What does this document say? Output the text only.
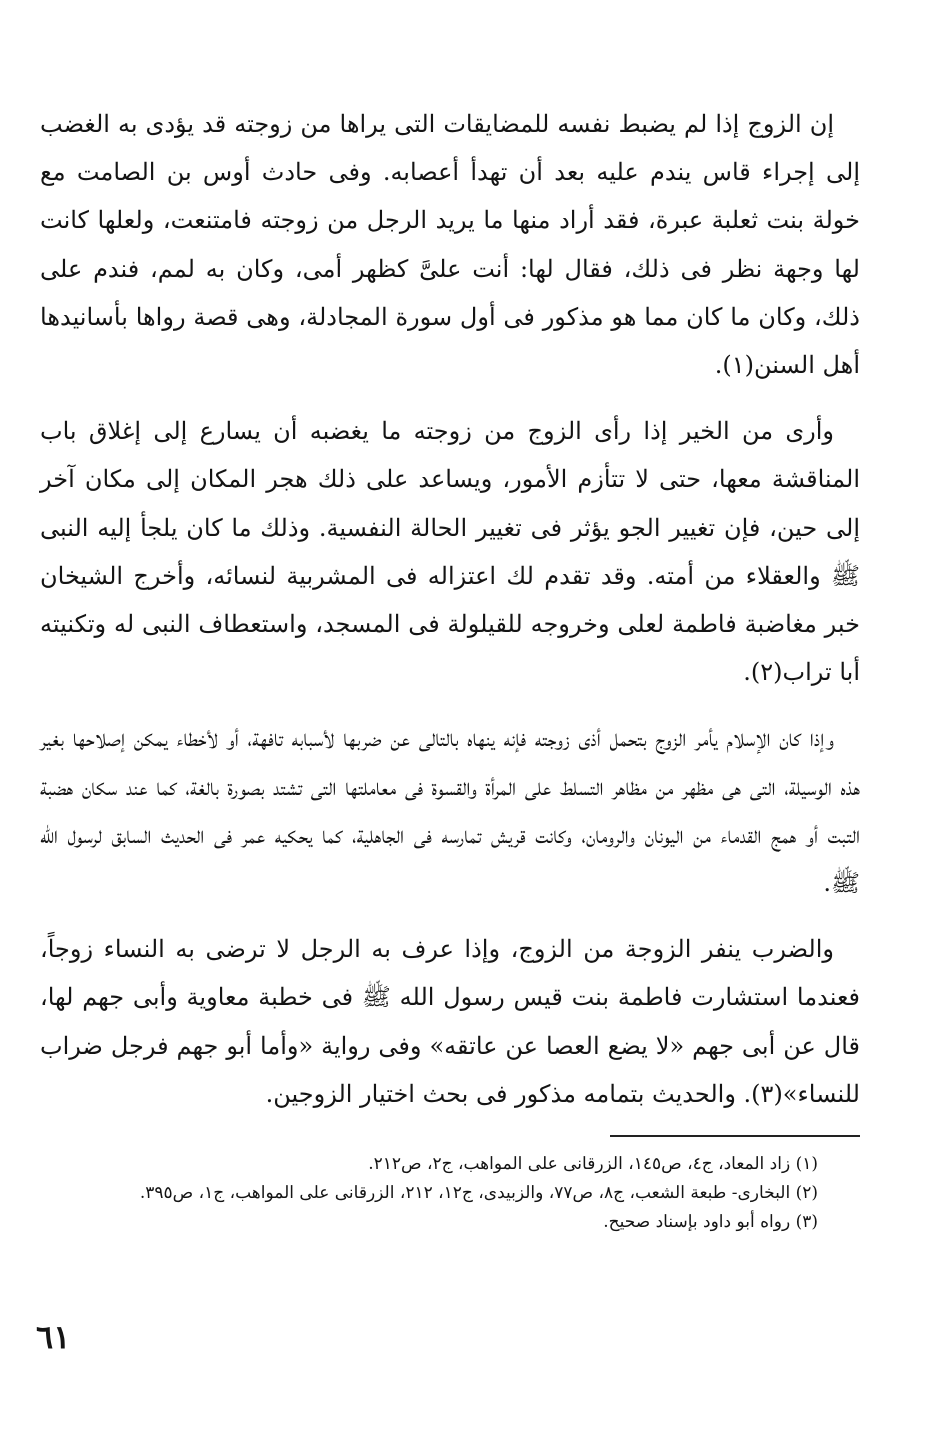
إن الزوج إذا لم يضبط نفسه للمضايقات التى يراها من زوجته قد يؤدى به الغضب إلى إجراء قاس يندم عليه بعد أن تهدأ أعصابه. وفى حادث أوس بن الصامت مع خولة بنت ثعلبة عبرة، فقد أراد منها ما يريد الرجل من زوجته فامتنعت، ولعلها كانت لها وجهة نظر فى ذلك، فقال لها: أنت علىَّ كظهر أمى، وكان به لمم، فندم على ذلك، وكان ما كان مما هو مذكور فى أول سورة المجادلة، وهى قصة رواها بأسانيدها أهل السنن(١).

وأرى من الخير إذا رأى الزوج من زوجته ما يغضبه أن يسارع إلى إغلاق باب المناقشة معها، حتى لا تتأزم الأمور، ويساعد على ذلك هجر المكان إلى مكان آخر إلى حين، فإن تغيير الجو يؤثر فى تغيير الحالة النفسية. وذلك ما كان يلجأ إليه النبى ﷺ والعقلاء من أمته. وقد تقدم لك اعتزاله فى المشربية لنسائه، وأخرج الشيخان خبر مغاضبة فاطمة لعلى وخروجه للقيلولة فى المسجد، واستعطاف النبى له وتكنيته أبا تراب(٢).

وإذا كان الإسلام يأمر الزوج بتحمل أذى زوجته فإنه ينهاه بالتالى عن ضربها لأسبابه تافهة، أو لأخطاء يمكن إصلاحها بغير هذه الوسيلة، التى هى مظهر من مظاهر التسلط على المرأة والقسوة فى معاملتها التى تشتد بصورة بالغة، كما عند سكان هضبة التبت أو همج القدماء من اليونان والرومان، وكانت قريش تمارسه فى الجاهلية، كما يحكيه عمر فى الحديث السابق لرسول الله ﷺ.

والضرب ينفر الزوجة من الزوج، وإذا عرف به الرجل لا ترضى به النساء زوجاً، فعندما استشارت فاطمة بنت قيس رسول الله ﷺ فى خطبة معاوية وأبى جهم لها، قال عن أبى جهم «لا يضع العصا عن عاتقه» وفى رواية «وأما أبو جهم فرجل ضراب للنساء»(٣). والحديث بتمامه مذكور فى بحث اختيار الزوجين.

(١) زاد المعاد، ج٤، ص١٤٥، الزرقانى على المواهب، ج٢، ص٢١٢.

(٢) البخارى- طبعة الشعب، ج٨، ص٧٧، والزبيدى، ج١٢، ٢١٢، الزرقانى على المواهب، ج١، ص٣٩٥.

(٣) رواه أبو داود بإسناد صحيح.

٦١
